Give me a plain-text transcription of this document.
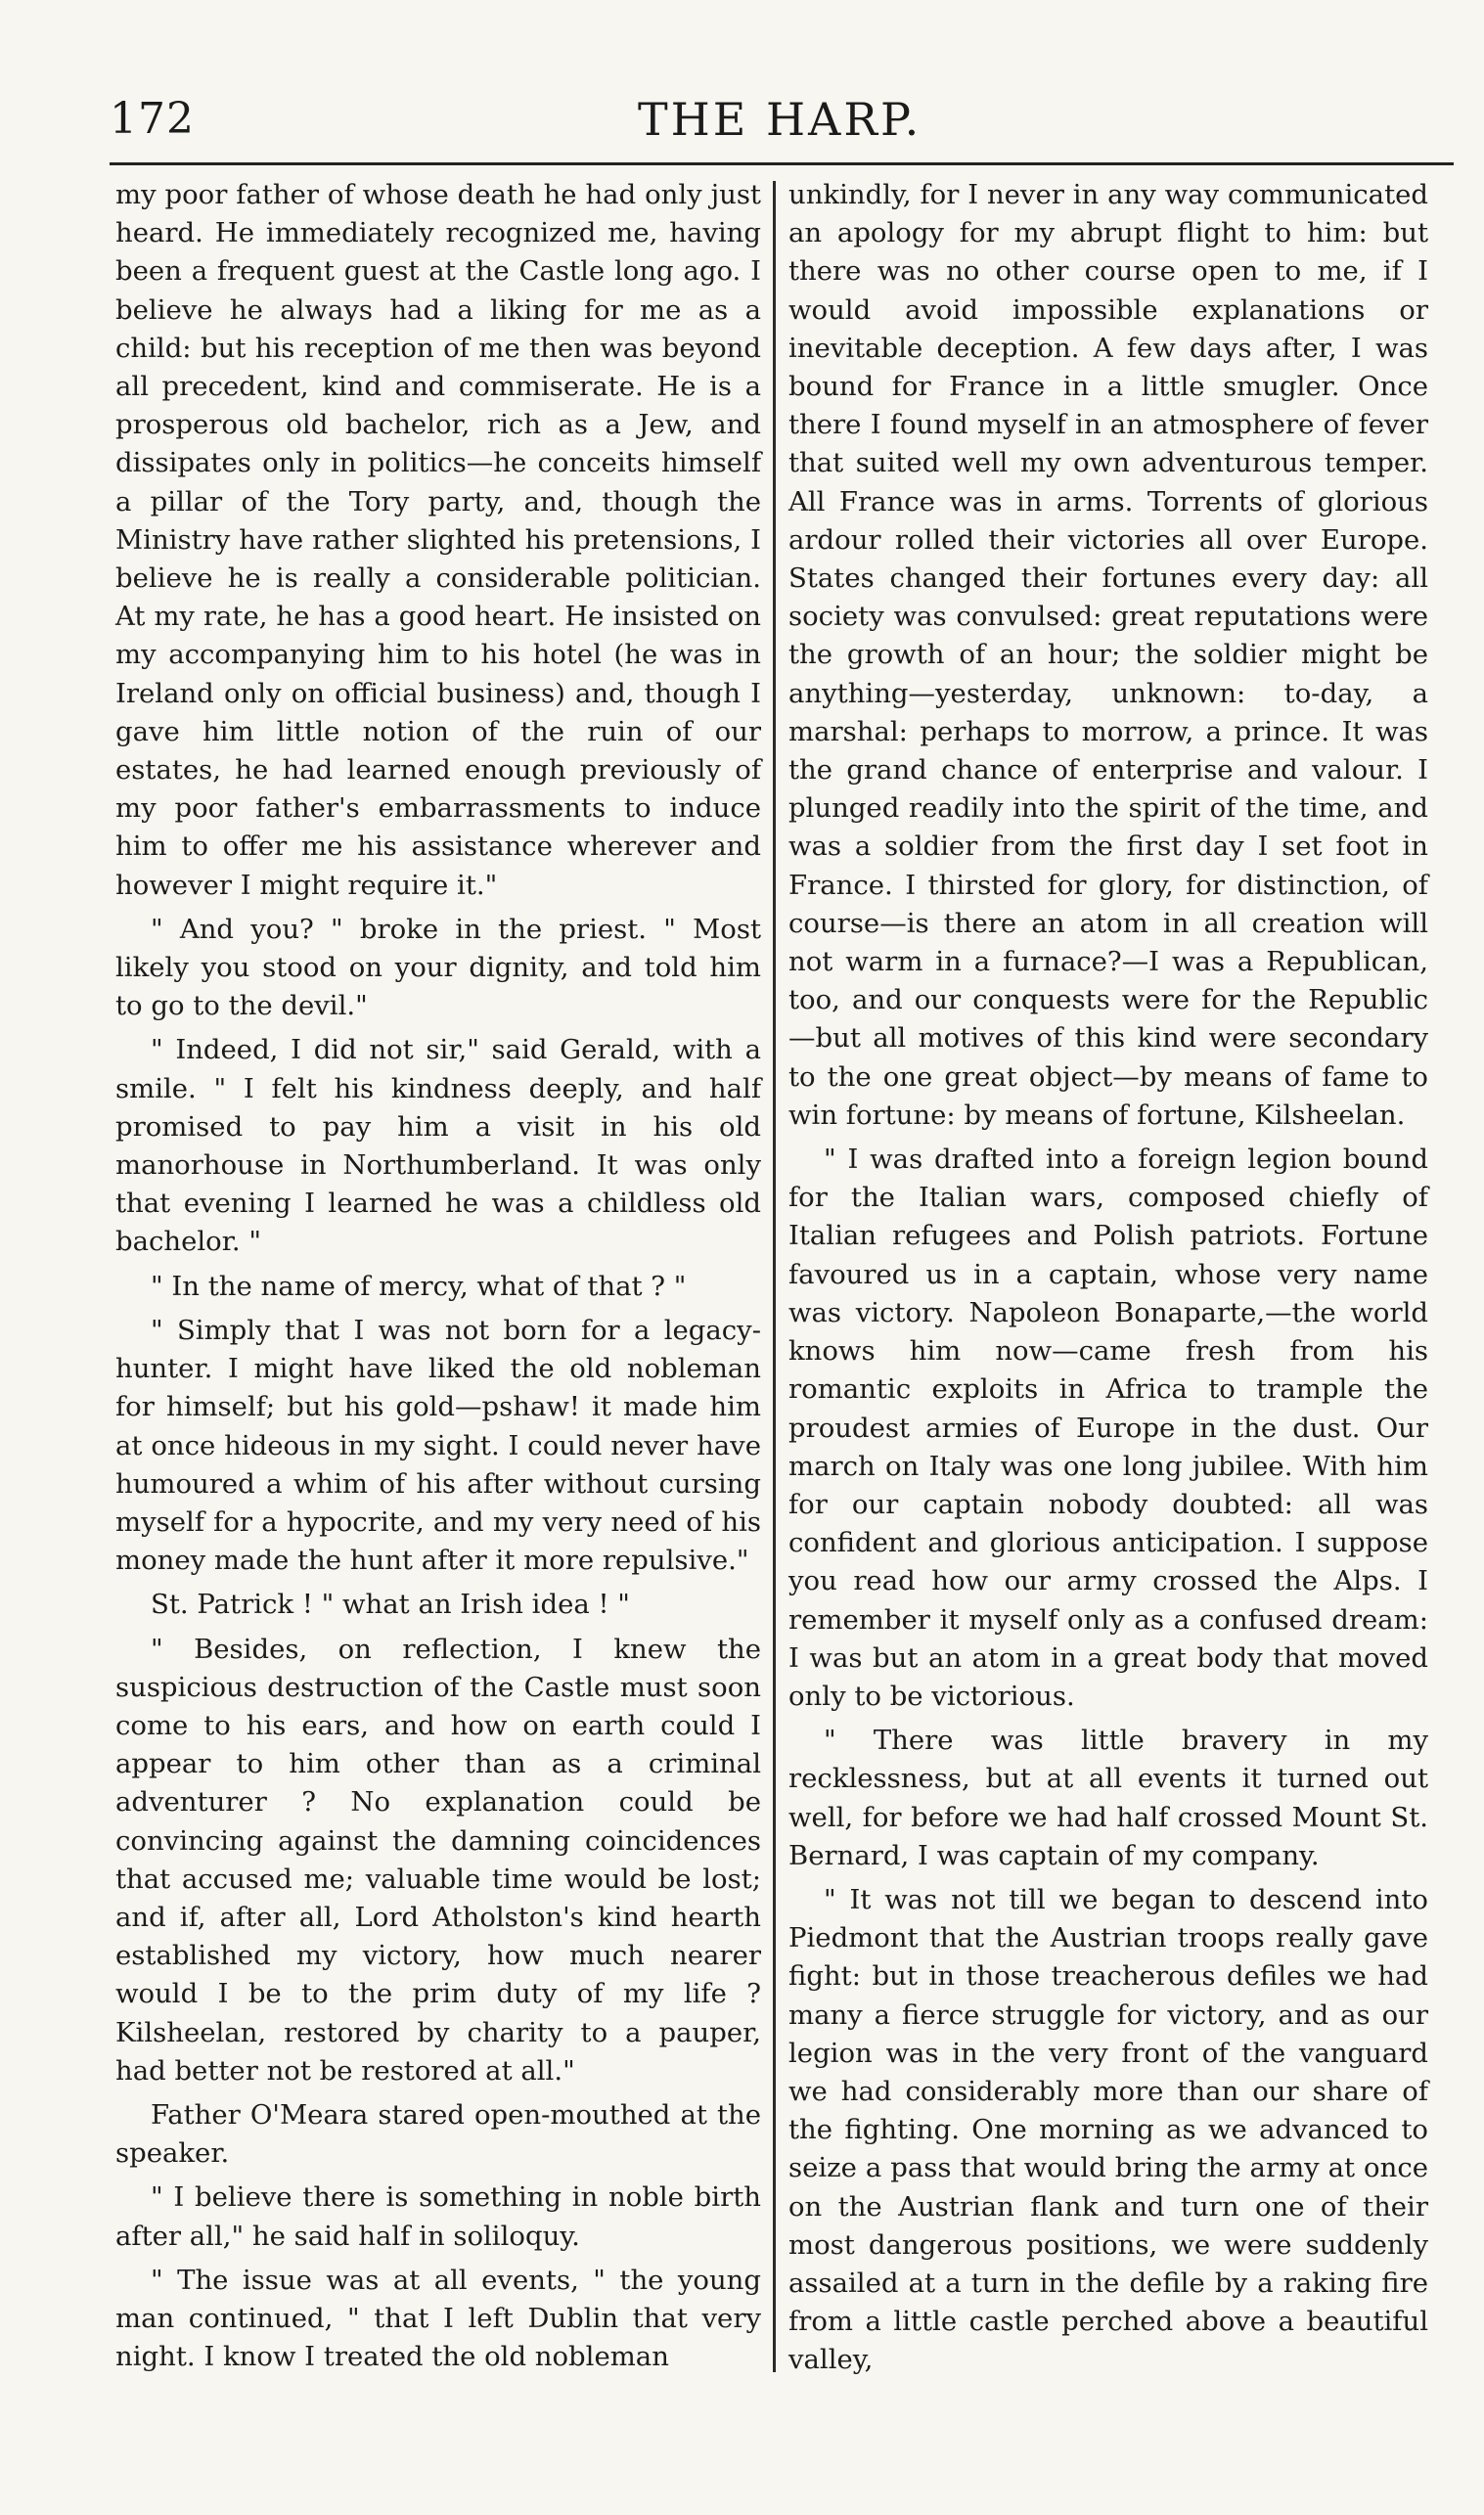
172	THE HARP.

my poor father of whose death he had only just heard. He immediately recognized me, having been a frequent guest at the Castle long ago. I believe he always had a liking for me as a child: but his reception of me then was beyond all precedent, kind and commiserate. He is a prosperous old bachelor, rich as a Jew, and dissipates only in politics—he conceits himself a pillar of the Tory party, and, though the Ministry have rather slighted his pretensions, I believe he is really a considerable politician. At my rate, he has a good heart. He insisted on my accompanying him to his hotel (he was in Ireland only on official business) and, though I gave him little notion of the ruin of our estates, he had learned enough previously of my poor father's embarrassments to induce him to offer me his assistance wherever and however I might require it."

" And you? " broke in the priest. " Most likely you stood on your dignity, and told him to go to the devil."

" Indeed, I did not sir," said Gerald, with a smile. " I felt his kindness deeply, and half promised to pay him a visit in his old manorhouse in Northumberland. It was only that evening I learned he was a childless old bachelor. "

" In the name of mercy, what of that ? "

" Simply that I was not born for a legacy-hunter. I might have liked the old nobleman for himself; but his gold—pshaw! it made him at once hideous in my sight. I could never have humoured a whim of his after without cursing myself for a hypocrite, and my very need of his money made the hunt after it more repulsive."

St. Patrick ! " what an Irish idea ! "

" Besides, on reflection, I knew the suspicious destruction of the Castle must soon come to his ears, and how on earth could I appear to him other than as a criminal adventurer ? No explanation could be convincing against the damning coincidences that accused me; valuable time would be lost; and if, after all, Lord Atholston's kind hearth established my victory, how much nearer would I be to the prim duty of my life ? Kilsheelan, restored by charity to a pauper, had better not be restored at all."

Father O'Meara stared open-mouthed at the speaker.

" I believe there is something in noble birth after all," he said half in soliloquy.

" The issue was at all events, " the young man continued, " that I left Dublin that very night. I know I treated the old nobleman

unkindly, for I never in any way communicated an apology for my abrupt flight to him: but there was no other course open to me, if I would avoid impossible explanations or inevitable deception. A few days after, I was bound for France in a little smugler. Once there I found myself in an atmosphere of fever that suited well my own adventurous temper. All France was in arms. Torrents of glorious ardour rolled their victories all over Europe. States changed their fortunes every day: all society was convulsed: great reputations were the growth of an hour; the soldier might be anything—yesterday, unknown: to-day, a marshal: perhaps to morrow, a prince. It was the grand chance of enterprise and valour. I plunged readily into the spirit of the time, and was a soldier from the first day I set foot in France. I thirsted for glory, for distinction, of course—is there an atom in all creation will not warm in a furnace?—I was a Republican, too, and our conquests were for the Republic—but all motives of this kind were secondary to the one great object—by means of fame to win fortune: by means of fortune, Kilsheelan.

" I was drafted into a foreign legion bound for the Italian wars, composed chiefly of Italian refugees and Polish patriots. Fortune favoured us in a captain, whose very name was victory. Napoleon Bonaparte,—the world knows him now—came fresh from his romantic exploits in Africa to trample the proudest armies of Europe in the dust. Our march on Italy was one long jubilee. With him for our captain nobody doubted: all was confident and glorious anticipation. I suppose you read how our army crossed the Alps. I remember it myself only as a confused dream: I was but an atom in a great body that moved only to be victorious.

" There was little bravery in my recklessness, but at all events it turned out well, for before we had half crossed Mount St. Bernard, I was captain of my company.

" It was not till we began to descend into Piedmont that the Austrian troops really gave fight: but in those treacherous defiles we had many a fierce struggle for victory, and as our legion was in the very front of the vanguard we had considerably more than our share of the fighting. One morning as we advanced to seize a pass that would bring the army at once on the Austrian flank and turn one of their most dangerous positions, we were suddenly assailed at a turn in the defile by a raking fire from a little castle perched above a beautiful valley,
